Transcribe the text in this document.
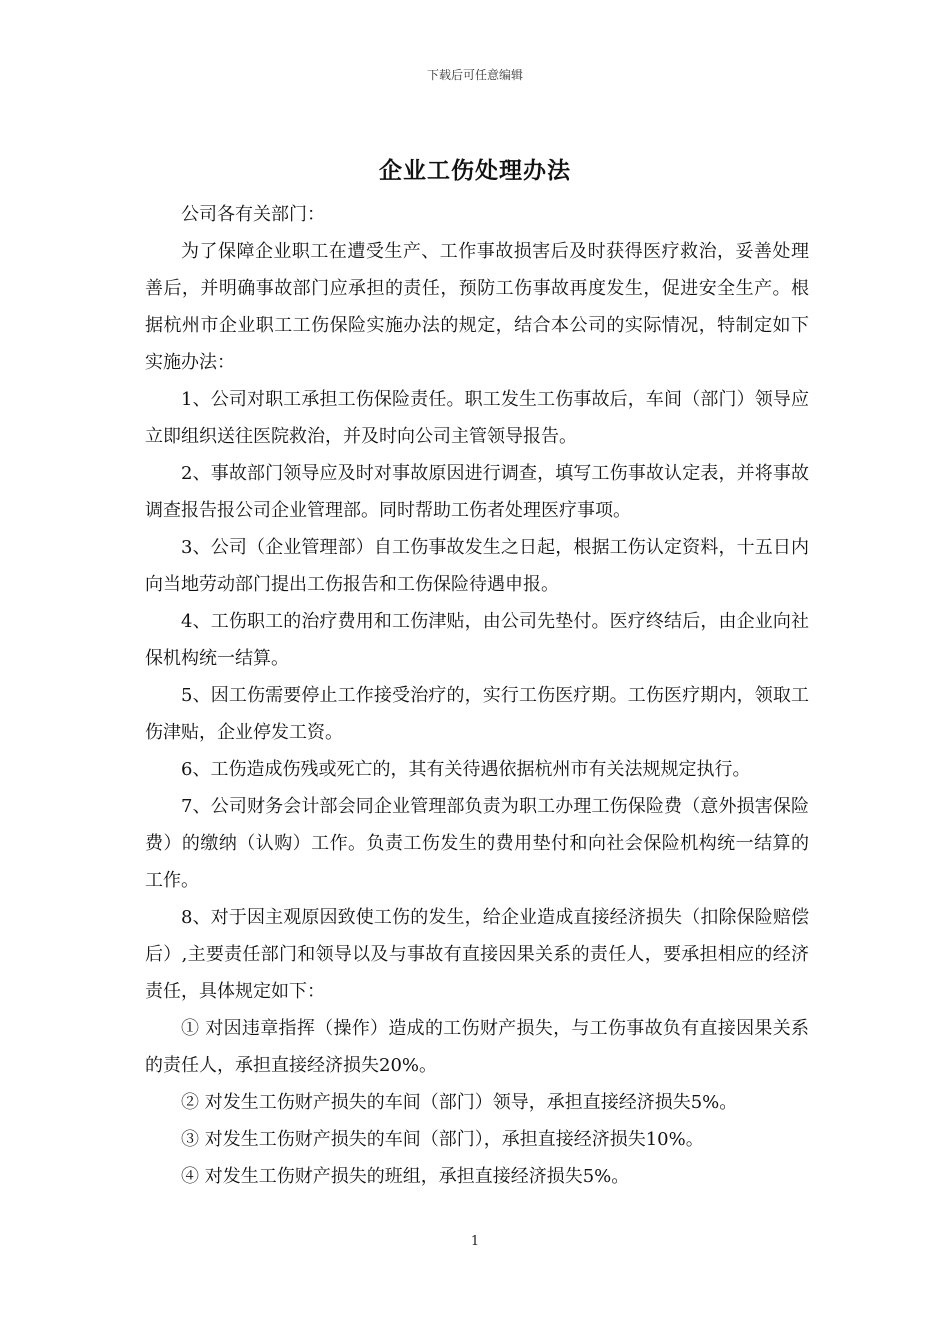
下载后可任意编辑
企业工伤处理办法

公司各有关部门：

为了保障企业职工在遭受生产、工作事故损害后及时获得医疗救治，妥善处理善后，并明确事故部门应承担的责任，预防工伤事故再度发生，促进安全生产。根据杭州市企业职工工伤保险实施办法的规定，结合本公司的实际情况，特制定如下实施办法：

1、公司对职工承担工伤保险责任。职工发生工伤事故后，车间（部门）领导应立即组织送往医院救治，并及时向公司主管领导报告。

2、事故部门领导应及时对事故原因进行调查，填写工伤事故认定表，并将事故调查报告报公司企业管理部。同时帮助工伤者处理医疗事项。

3、公司（企业管理部）自工伤事故发生之日起，根据工伤认定资料，十五日内向当地劳动部门提出工伤报告和工伤保险待遇申报。

4、工伤职工的治疗费用和工伤津贴，由公司先垫付。医疗终结后，由企业向社保机构统一结算。

5、因工伤需要停止工作接受治疗的，实行工伤医疗期。工伤医疗期内，领取工伤津贴，企业停发工资。

6、工伤造成伤残或死亡的，其有关待遇依据杭州市有关法规规定执行。

7、公司财务会计部会同企业管理部负责为职工办理工伤保险费（意外损害保险费）的缴纳（认购）工作。负责工伤发生的费用垫付和向社会保险机构统一结算的工作。

8、对于因主观原因致使工伤的发生，给企业造成直接经济损失（扣除保险赔偿后）,主要责任部门和领导以及与事故有直接因果关系的责任人，要承担相应的经济责任，具体规定如下：

① 对因违章指挥（操作）造成的工伤财产损失，与工伤事故负有直接因果关系的责任人，承担直接经济损失20%。

② 对发生工伤财产损失的车间（部门）领导，承担直接经济损失5%。

③ 对发生工伤财产损失的车间（部门），承担直接经济损失10%。

④ 对发生工伤财产损失的班组，承担直接经济损失5%。

1
